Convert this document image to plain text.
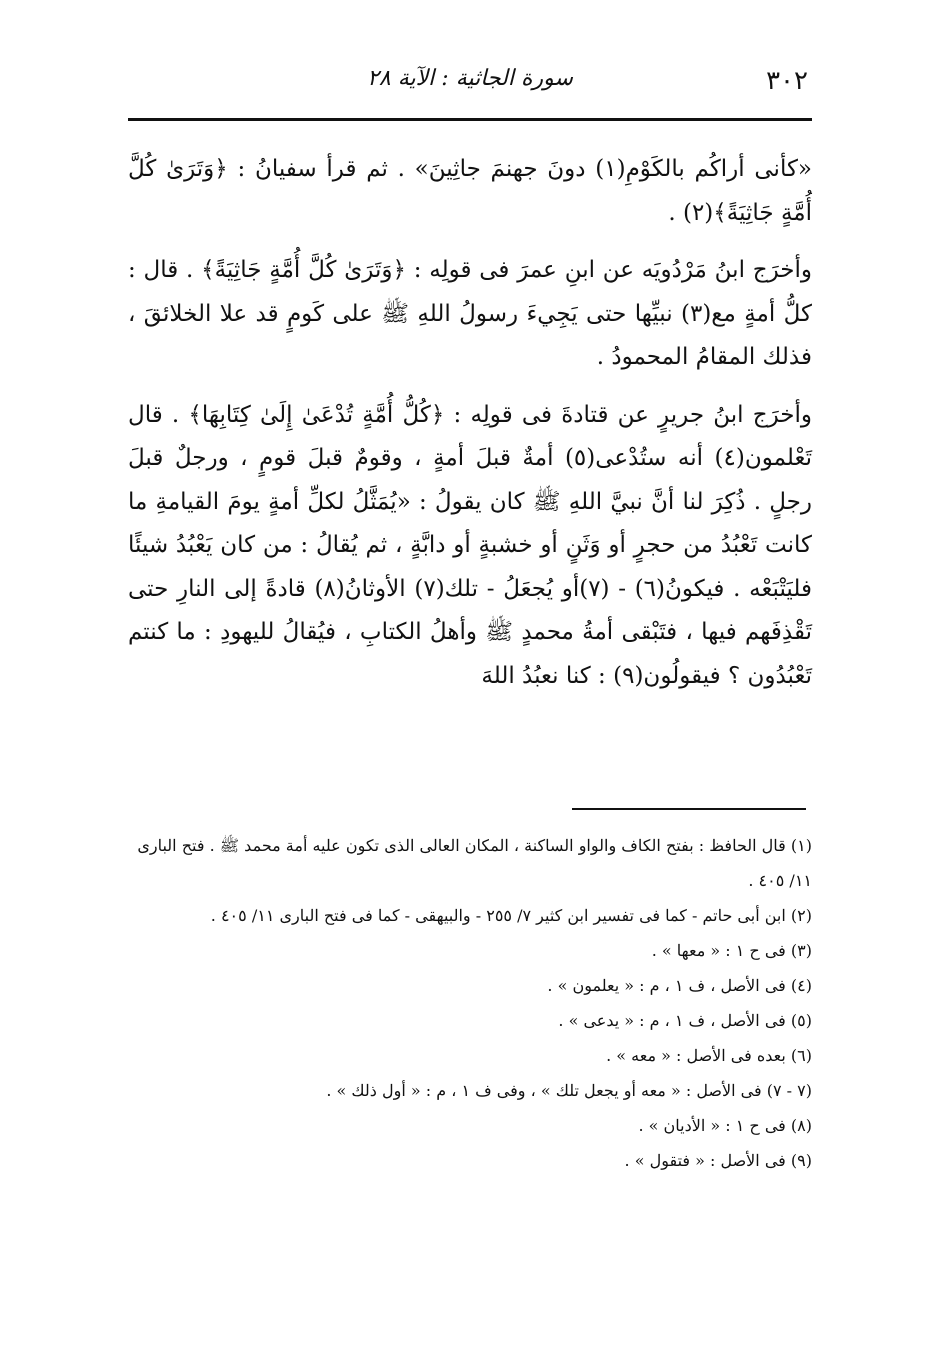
٣٠٢
سورة الجاثية : الآية ٢٨

«كأنى أراكُم بالكَوْمِ(١) دونَ جهنمَ جاثِينَ» . ثم قرأ سفيانُ : ﴿وَتَرَىٰ كُلَّ أُمَّةٍ جَاثِيَةً﴾(٢) .

وأخرَج ابنُ مَرْدُويَه عن ابنِ عمرَ فى قولِه : ﴿وَتَرَىٰ كُلَّ أُمَّةٍ جَاثِيَةً﴾ . قال : كلُّ أمةٍ مع(٣) نبيِّها حتى يَجِيءَ رسولُ اللهِ ﷺ على كَومٍ قد علا الخلائقَ ، فذلك المقامُ المحمودُ .

وأخرَج ابنُ جريرٍ عن قتادةَ فى قولِه : ﴿كُلُّ أُمَّةٍ تُدْعَىٰ إِلَىٰ كِتَابِهَا﴾ . قال تَعْلمون(٤) أنه ستُدْعى(٥) أمةٌ قبلَ أمةٍ ، وقومٌ قبلَ قومٍ ، ورجلٌ قبلَ رجلٍ . ذُكِرَ لنا أنَّ نبيَّ اللهِ ﷺ كان يقولُ : «يُمَثَّلُ لكلِّ أمةٍ يومَ القيامةِ ما كانت تَعْبُدُ من حجرٍ أو وَثَنٍ أو خشبةٍ أو دابَّةٍ ، ثم يُقالُ : من كان يَعْبُدُ شيئًا فليَتْبَعْه . فيكونُ(٦) - (٧)أو يُجعَلُ - تلك(٧) الأوثانُ(٨) قادةً إلى النارِ حتى تَقْذِفَهم فيها ، فتَبْقى أمةُ محمدٍ ﷺ وأهلُ الكتابِ ، فيُقالُ لليهودِ : ما كنتم تَعْبُدُون ؟ فيقولُون(٩) : كنا نعبُدُ اللهَ

(١) قال الحافظ : بفتح الكاف والواو الساكنة ، المكان العالى الذى تكون عليه أمة محمد ﷺ . فتح البارى ١١/ ٤٠٥ .

(٢) ابن أبى حاتم - كما فى تفسير ابن كثير ٧/ ٢٥٥ - والبيهقى - كما فى فتح البارى ١١/ ٤٠٥ .

(٣) فى ح ١ : « معها » .

(٤) فى الأصل ، ف ١ ، م : « يعلمون » .

(٥) فى الأصل ، ف ١ ، م : « يدعى » .

(٦) بعده فى الأصل : « معه » .

(٧ - ٧) فى الأصل : « معه أو يجعل تلك » ، وفى ف ١ ، م : « أول ذلك » .

(٨) فى ح ١ : « الأديان » .

(٩) فى الأصل : « فتقول » .
